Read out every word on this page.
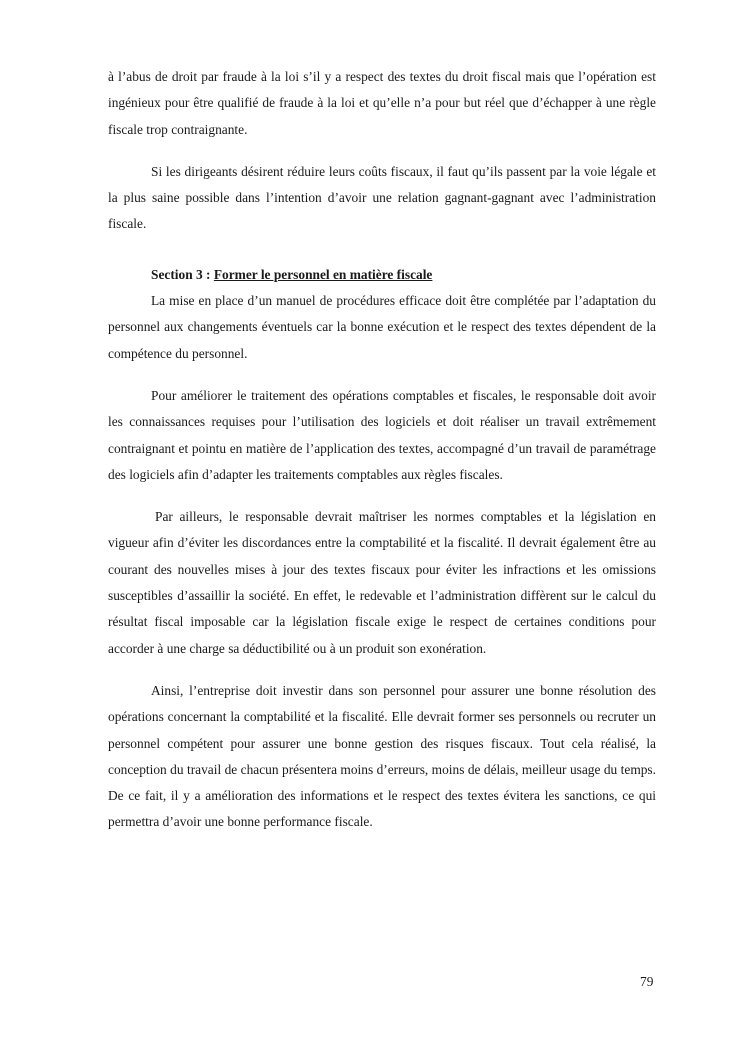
à l’abus de droit par fraude à la loi s’il y a respect des textes du droit fiscal mais que l’opération est ingénieux pour être qualifié de fraude à la loi et qu’elle n’a pour but réel que d’échapper à une règle fiscale trop contraignante.

Si les dirigeants désirent réduire leurs coûts fiscaux, il faut qu’ils passent par la voie légale et la plus saine possible dans l’intention d’avoir une relation gagnant-gagnant avec l’administration fiscale.

Section 3 : Former le personnel en matière fiscale

La mise en place d’un manuel de procédures efficace doit être complétée par l’adaptation du personnel aux changements éventuels car la bonne exécution et le respect des textes dépendent de la compétence du personnel.

Pour améliorer le traitement des opérations comptables et fiscales, le responsable doit avoir les connaissances requises pour l’utilisation des logiciels et doit réaliser un travail extrêmement contraignant et pointu en matière de l’application des textes, accompagné d’un travail de paramétrage des logiciels afin d’adapter les traitements comptables aux règles fiscales.

Par ailleurs, le responsable devrait maîtriser les normes comptables et la législation en vigueur afin d’éviter les discordances entre la comptabilité et la fiscalité. Il devrait également être au courant des nouvelles mises à jour des textes fiscaux pour éviter les infractions et les omissions susceptibles d’assaillir la société. En effet, le redevable et l’administration diffèrent sur le calcul du résultat fiscal imposable car la législation fiscale exige le respect de certaines conditions pour accorder à une charge sa déductibilité ou à un produit son exonération.

Ainsi, l’entreprise doit investir dans son personnel pour assurer une bonne résolution des opérations concernant la comptabilité et la fiscalité. Elle devrait former ses personnels ou recruter un personnel compétent pour assurer une bonne gestion des risques fiscaux. Tout cela réalisé, la conception du travail de chacun présentera moins d’erreurs, moins de délais, meilleur usage du temps. De ce fait, il y a amélioration des informations et le respect des textes évitera les sanctions, ce qui permettra d’avoir une bonne performance fiscale.

79
